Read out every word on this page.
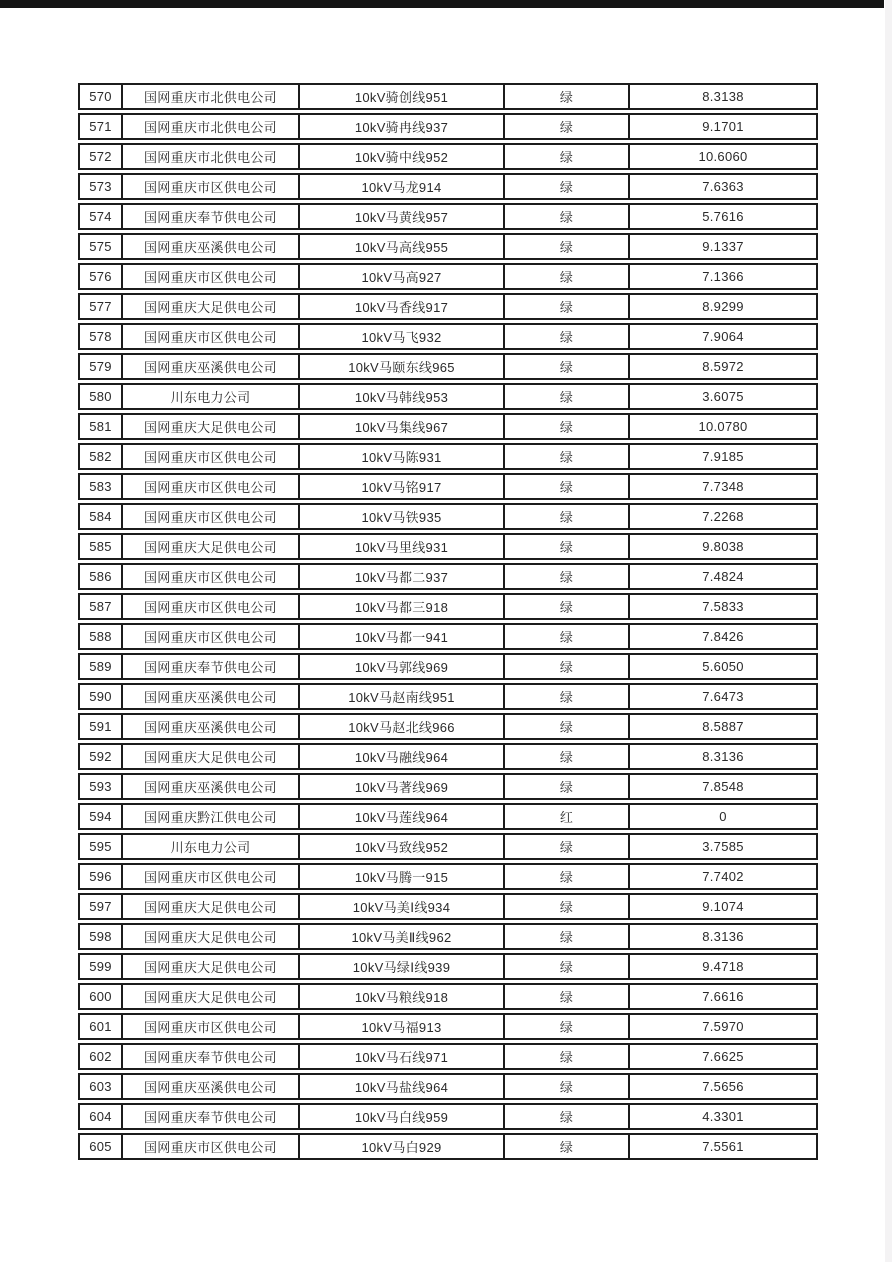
570	国网重庆市北供电公司	10kV骑创线951	绿	8.3138
571	国网重庆市北供电公司	10kV骑冉线937	绿	9.1701
572	国网重庆市北供电公司	10kV骑中线952	绿	10.6060
573	国网重庆市区供电公司	10kV马龙914	绿	7.6363
574	国网重庆奉节供电公司	10kV马黄线957	绿	5.7616
575	国网重庆巫溪供电公司	10kV马高线955	绿	9.1337
576	国网重庆市区供电公司	10kV马高927	绿	7.1366
577	国网重庆大足供电公司	10kV马香线917	绿	8.9299
578	国网重庆市区供电公司	10kV马飞932	绿	7.9064
579	国网重庆巫溪供电公司	10kV马颐东线965	绿	8.5972
580	川东电力公司	10kV马韩线953	绿	3.6075
581	国网重庆大足供电公司	10kV马集线967	绿	10.0780
582	国网重庆市区供电公司	10kV马陈931	绿	7.9185
583	国网重庆市区供电公司	10kV马铭917	绿	7.7348
584	国网重庆市区供电公司	10kV马铁935	绿	7.2268
585	国网重庆大足供电公司	10kV马里线931	绿	9.8038
586	国网重庆市区供电公司	10kV马都二937	绿	7.4824
587	国网重庆市区供电公司	10kV马都三918	绿	7.5833
588	国网重庆市区供电公司	10kV马都一941	绿	7.8426
589	国网重庆奉节供电公司	10kV马郭线969	绿	5.6050
590	国网重庆巫溪供电公司	10kV马赵南线951	绿	7.6473
591	国网重庆巫溪供电公司	10kV马赵北线966	绿	8.5887
592	国网重庆大足供电公司	10kV马融线964	绿	8.3136
593	国网重庆巫溪供电公司	10kV马著线969	绿	7.8548
594	国网重庆黔江供电公司	10kV马莲线964	红	0
595	川东电力公司	10kV马致线952	绿	3.7585
596	国网重庆市区供电公司	10kV马腾一915	绿	7.7402
597	国网重庆大足供电公司	10kV马美Ⅰ线934	绿	9.1074
598	国网重庆大足供电公司	10kV马美Ⅱ线962	绿	8.3136
599	国网重庆大足供电公司	10kV马绿Ⅰ线939	绿	9.4718
600	国网重庆大足供电公司	10kV马粮线918	绿	7.6616
601	国网重庆市区供电公司	10kV马福913	绿	7.5970
602	国网重庆奉节供电公司	10kV马石线971	绿	7.6625
603	国网重庆巫溪供电公司	10kV马盐线964	绿	7.5656
604	国网重庆奉节供电公司	10kV马白线959	绿	4.3301
605	国网重庆市区供电公司	10kV马白929	绿	7.5561
